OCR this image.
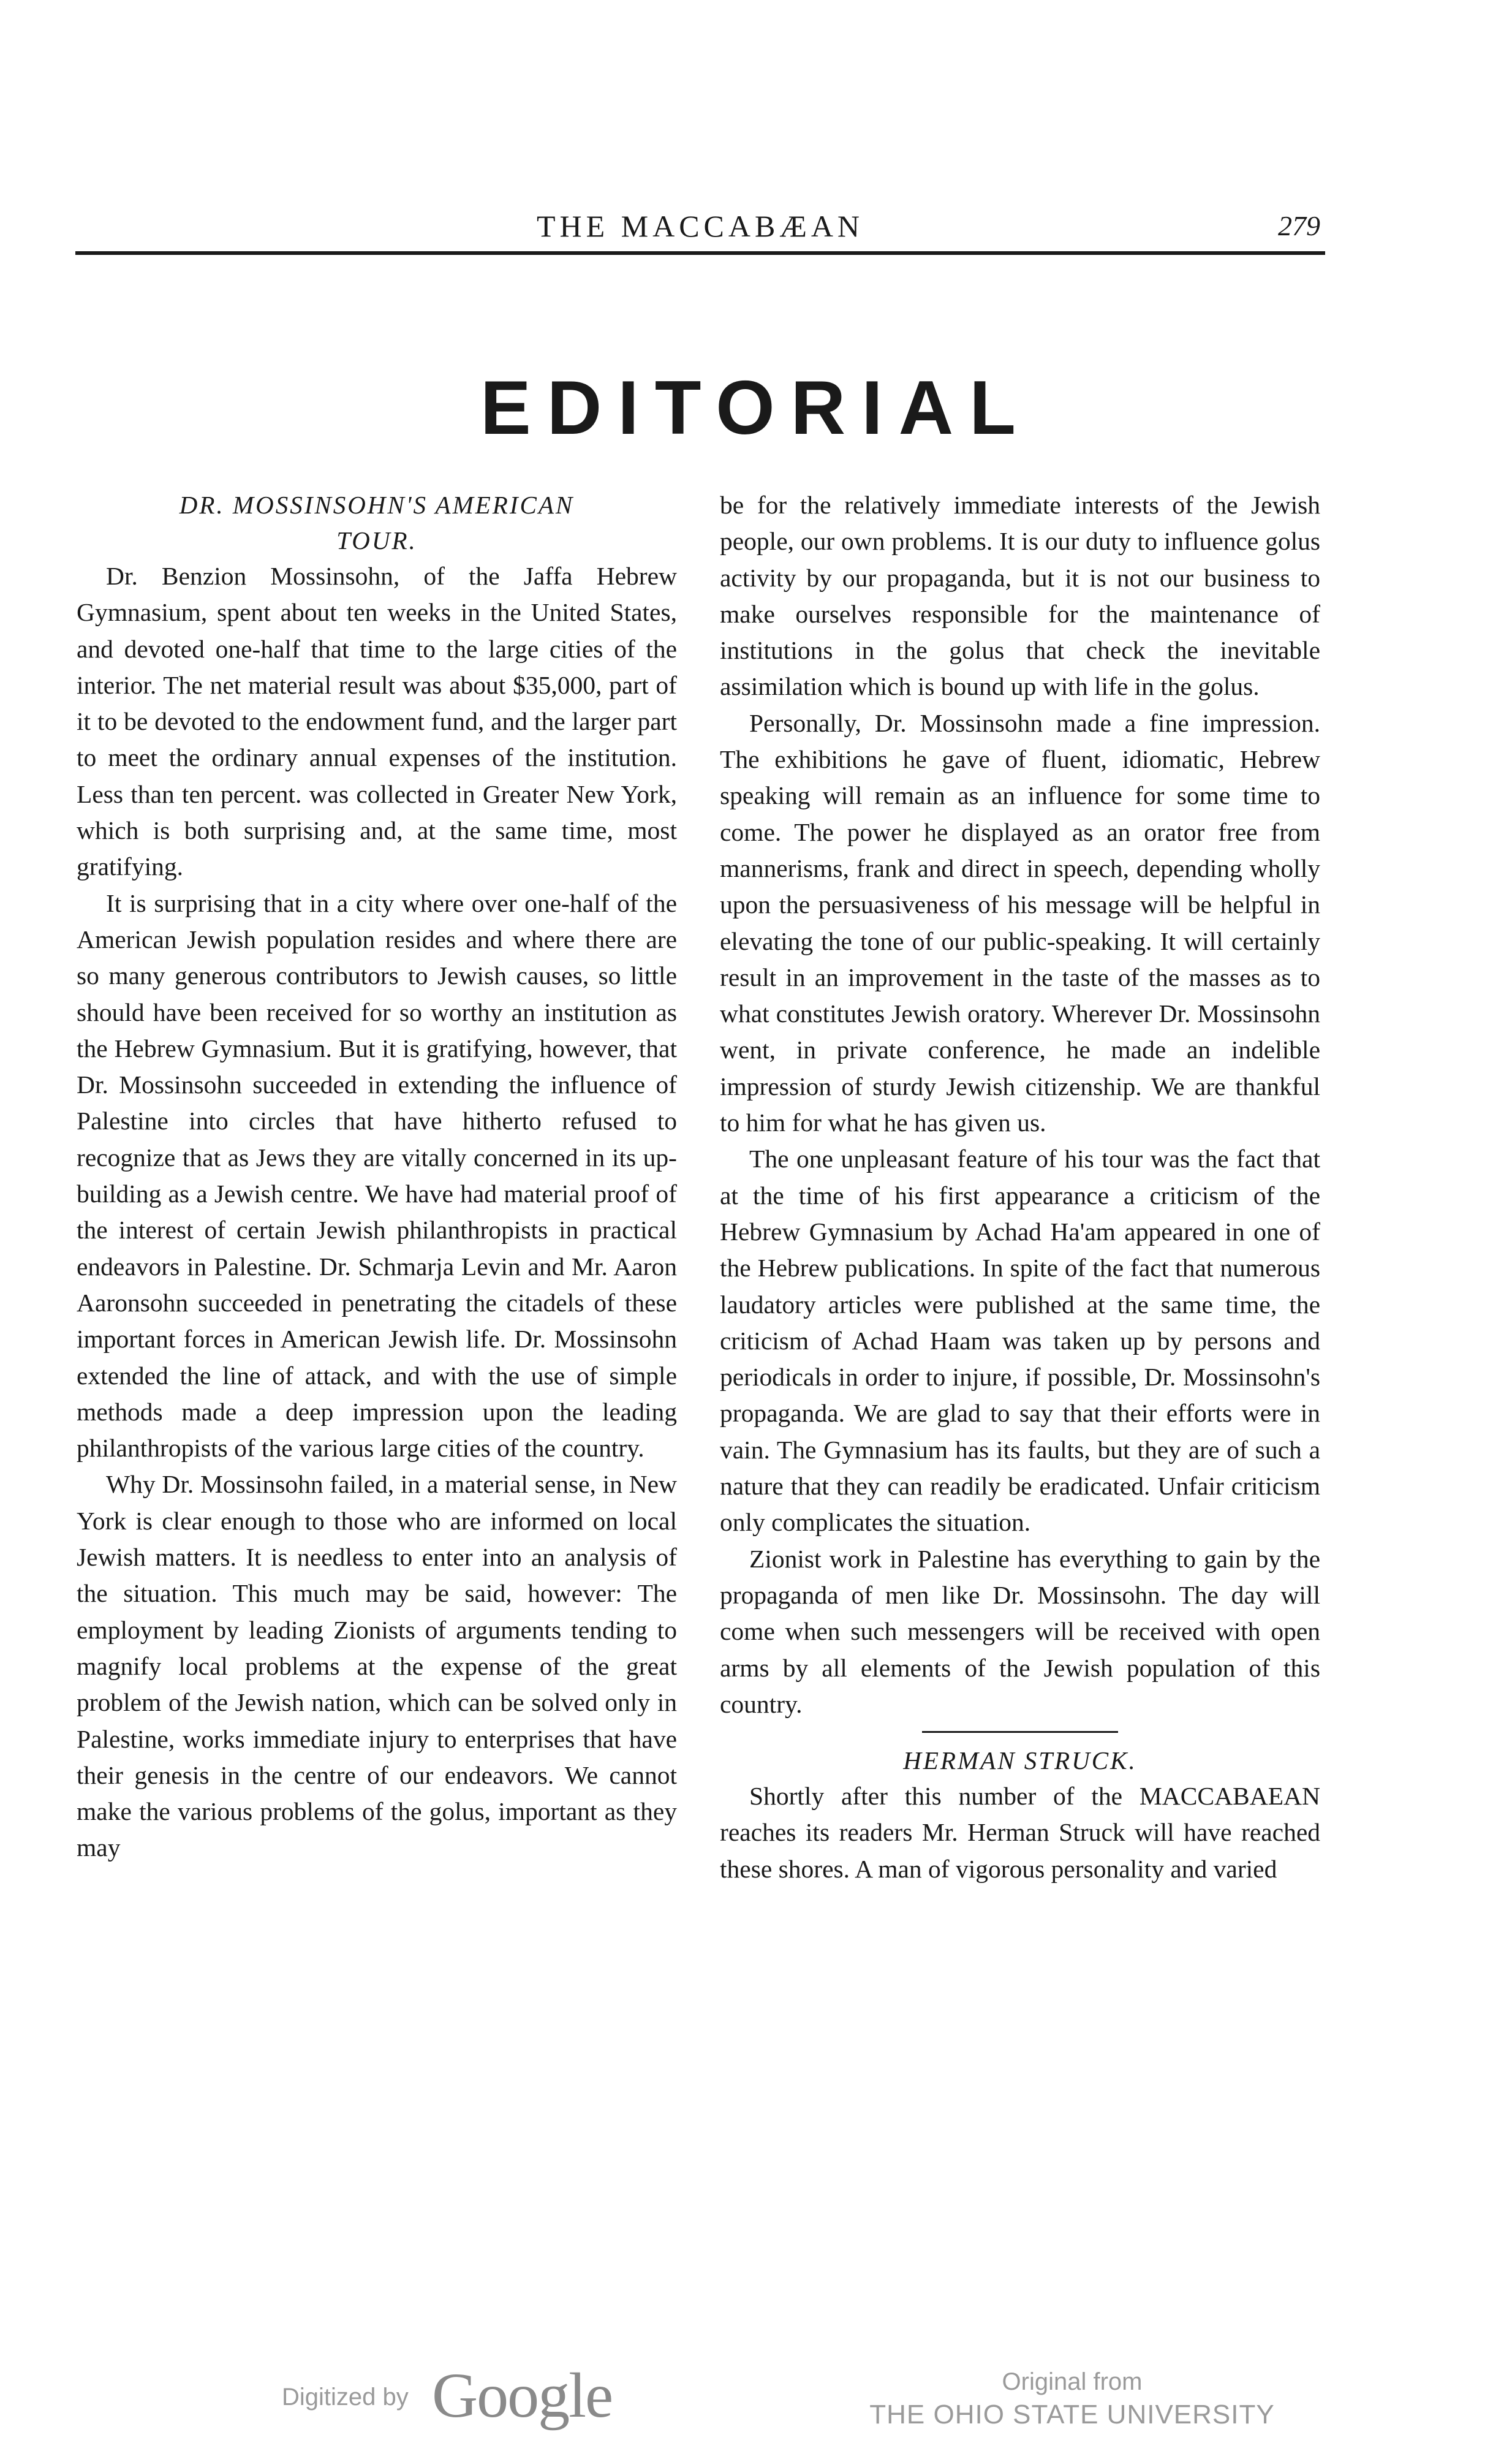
THE MACCABÆAN	279
EDITORIAL
DR. MOSSINSOHN'S AMERICAN
TOUR.

Dr. Benzion Mossinsohn, of the Jaffa Hebrew Gymnasium, spent about ten weeks in the United States, and devoted one-half that time to the large cities of the interior. The net material result was about $35,000, part of it to be devoted to the endowment fund, and the larger part to meet the ordinary annual expenses of the institution. Less than ten percent. was collected in Greater New York, which is both surprising and, at the same time, most gratifying.

It is surprising that in a city where over one-half of the American Jewish population resides and where there are so many generous contributors to Jewish causes, so little should have been received for so worthy an institution as the Hebrew Gymnasium. But it is gratifying, however, that Dr. Mossinsohn succeeded in extending the influence of Palestine into circles that have hitherto refused to recognize that as Jews they are vitally concerned in its up-building as a Jewish centre. We have had material proof of the interest of certain Jewish philanthropists in practical endeavors in Palestine. Dr. Schmarja Levin and Mr. Aaron Aaronsohn succeeded in penetrating the citadels of these important forces in American Jewish life. Dr. Mossinsohn extended the line of attack, and with the use of simple methods made a deep impression upon the leading philanthropists of the various large cities of the country.

Why Dr. Mossinsohn failed, in a material sense, in New York is clear enough to those who are informed on local Jewish matters. It is needless to enter into an analysis of the situation. This much may be said, however: The employment by leading Zionists of arguments tending to magnify local problems at the expense of the great problem of the Jewish nation, which can be solved only in Palestine, works immediate injury to enterprises that have their genesis in the centre of our endeavors. We cannot make the various problems of the golus, important as they may

be for the relatively immediate interests of the Jewish people, our own problems. It is our duty to influence golus activity by our propaganda, but it is not our business to make ourselves responsible for the maintenance of institutions in the golus that check the inevitable assimilation which is bound up with life in the golus.

Personally, Dr. Mossinsohn made a fine impression. The exhibitions he gave of fluent, idiomatic, Hebrew speaking will remain as an influence for some time to come. The power he displayed as an orator free from mannerisms, frank and direct in speech, depending wholly upon the persuasiveness of his message will be helpful in elevating the tone of our public-speaking. It will certainly result in an improvement in the taste of the masses as to what constitutes Jewish oratory. Wherever Dr. Mossinsohn went, in private conference, he made an indelible impression of sturdy Jewish citizenship. We are thankful to him for what he has given us.

The one unpleasant feature of his tour was the fact that at the time of his first appearance a criticism of the Hebrew Gymnasium by Achad Ha'am appeared in one of the Hebrew publications. In spite of the fact that numerous laudatory articles were published at the same time, the criticism of Achad Haam was taken up by persons and periodicals in order to injure, if possible, Dr. Mossinsohn's propaganda. We are glad to say that their efforts were in vain. The Gymnasium has its faults, but they are of such a nature that they can readily be eradicated. Unfair criticism only complicates the situation.

Zionist work in Palestine has everything to gain by the propaganda of men like Dr. Mossinsohn. The day will come when such messengers will be received with open arms by all elements of the Jewish population of this country.

HERMAN STRUCK.

Shortly after this number of the MACCABAEAN reaches its readers Mr. Herman Struck will have reached these shores. A man of vigorous personality and varied

Digitized by Google	Original from
THE OHIO STATE UNIVERSITY
